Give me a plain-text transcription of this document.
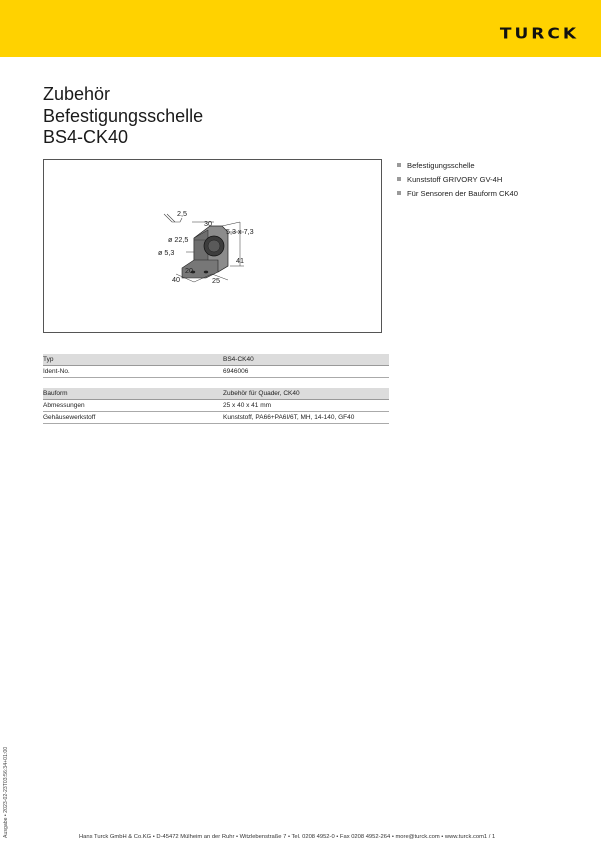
TURCK
Zubehör
Befestigungsschelle
BS4-CK40
2,5
30
5,3 x 7,3
ø 22,5
ø 5,3
41
20
40	25
Befestigungsschelle
Kunststoff GRIVORY GV-4H
Für Sensoren der Bauform CK40
Typ	BS4-CK40
Ident-No.	6946006
Bauform	Zubehör für Quader, CK40
Abmessungen	25 x 40 x 41 mm
Gehäusewerkstoff	Kunststoff, PA66+PA6I/6T, MH, 14-140, GF40
Ausgabe • 2023-02-23T03:56:34+01:00	Hans Turck GmbH & Co.KG • D-45472 Mülheim an der Ruhr • Witzlebenstraße 7 • Tel. 0208 4952-0 • Fax 0208 4952-264 • more@turck.com • www.turck.com1 / 1
